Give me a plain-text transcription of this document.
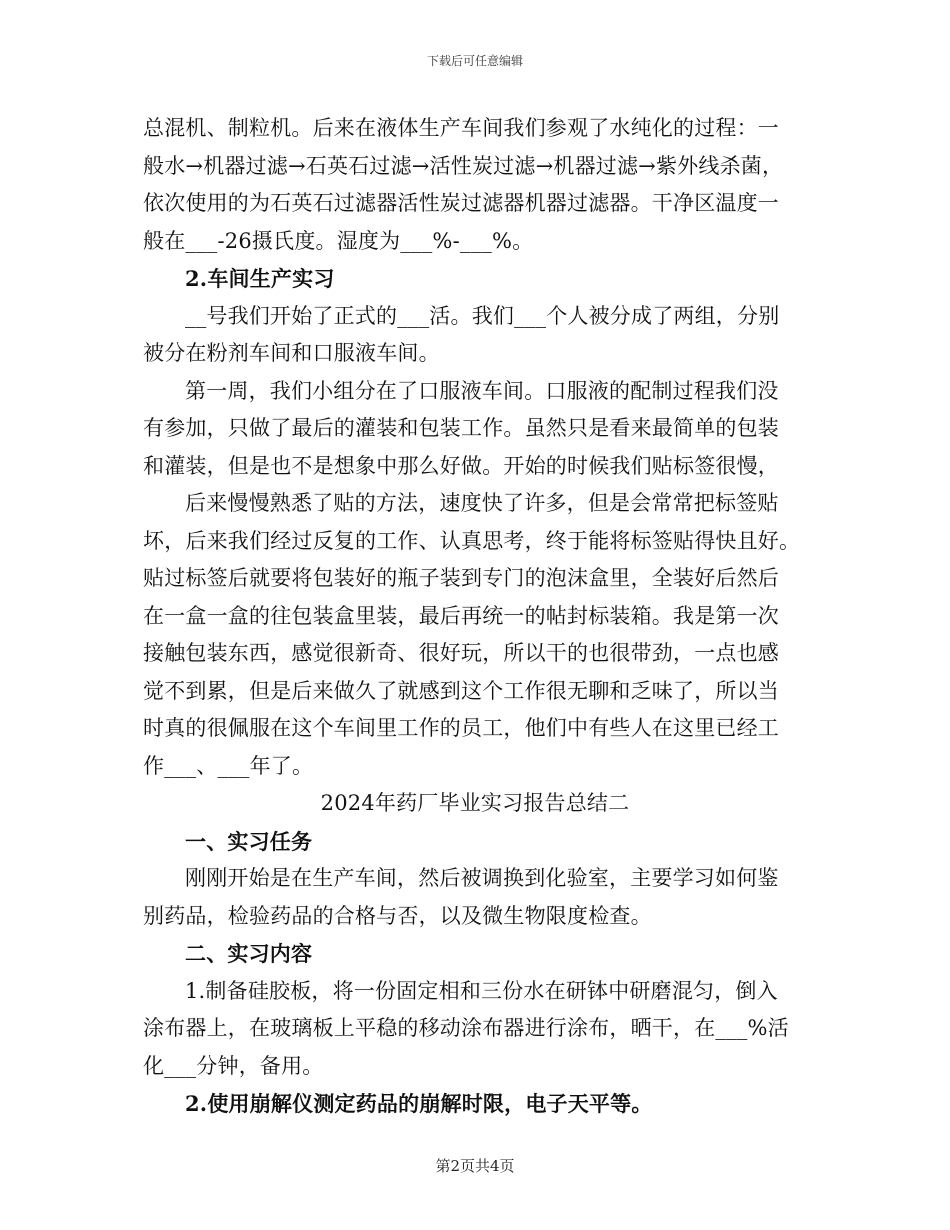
下载后可任意编辑
总混机、制粒机。后来在液体生产车间我们参观了水纯化的过程：一
般水→机器过滤→石英石过滤→活性炭过滤→机器过滤→紫外线杀菌，
依次使用的为石英石过滤器活性炭过滤器机器过滤器。干净区温度一
般在___-26摄氏度。湿度为___%-___%。
2.车间生产实习
__号我们开始了正式的___活。我们___个人被分成了两组，分别
被分在粉剂车间和口服液车间。
第一周，我们小组分在了口服液车间。口服液的配制过程我们没
有参加，只做了最后的灌装和包装工作。虽然只是看来最简单的包装
和灌装，但是也不是想象中那么好做。开始的时候我们贴标签很慢，
后来慢慢熟悉了贴的方法，速度快了许多，但是会常常把标签贴
坏，后来我们经过反复的工作、认真思考，终于能将标签贴得快且好。
贴过标签后就要将包装好的瓶子装到专门的泡沫盒里，全装好后然后
在一盒一盒的往包装盒里装，最后再统一的帖封标装箱。我是第一次
接触包装东西，感觉很新奇、很好玩，所以干的也很带劲，一点也感
觉不到累，但是后来做久了就感到这个工作很无聊和乏味了，所以当
时真的很佩服在这个车间里工作的员工，他们中有些人在这里已经工
作___、___年了。
2024年药厂毕业实习报告总结二
一、实习任务
刚刚开始是在生产车间，然后被调换到化验室，主要学习如何鉴
别药品，检验药品的合格与否，以及微生物限度检查。
二、实习内容
1.制备硅胶板，将一份固定相和三份水在研钵中研磨混匀，倒入
涂布器上，在玻璃板上平稳的移动涂布器进行涂布，晒干，在___%活
化___分钟，备用。
2.使用崩解仪测定药品的崩解时限，电子天平等。
第2页共4页
